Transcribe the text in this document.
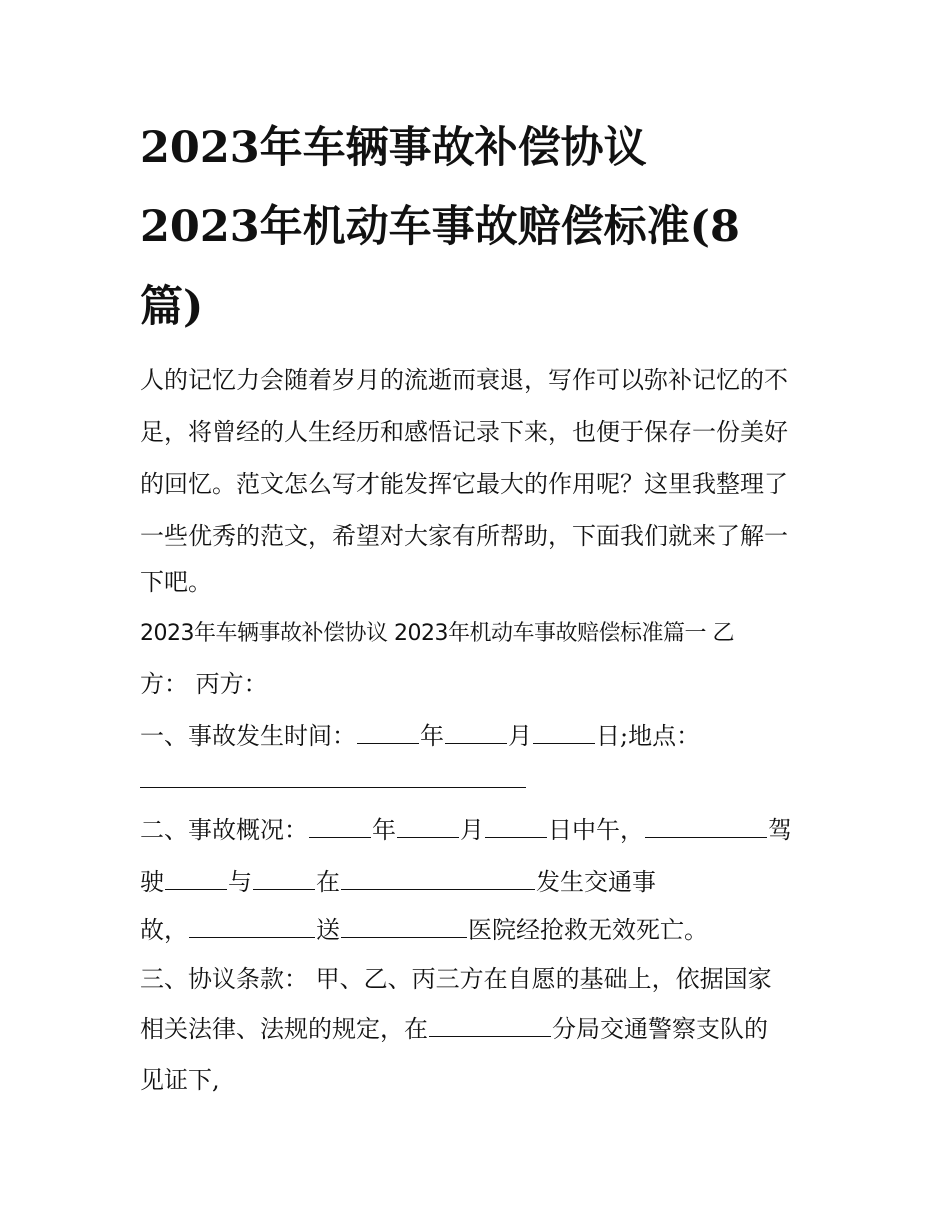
2023年车辆事故补偿协议
2023年机动车事故赔偿标准(8
篇)
人的记忆力会随着岁月的流逝而衰退，写作可以弥补记忆的不
足，将曾经的人生经历和感悟记录下来，也便于保存一份美好
的回忆。范文怎么写才能发挥它最大的作用呢？这里我整理了
一些优秀的范文，希望对大家有所帮助，下面我们就来了解一
下吧。
2023年车辆事故补偿协议 2023年机动车事故赔偿标准篇一 乙
方： 丙方：
一、事故发生时间：	年	月	日;地点：
二、事故概况：	年	月	日中午，	驾
驶	与	在	发生交通事
故，	送	医院经抢救无效死亡。
三、协议条款： 甲、乙、丙三方在自愿的基础上，依据国家
相关法律、法规的规定，在	分局交通警察支队的
见证下,
